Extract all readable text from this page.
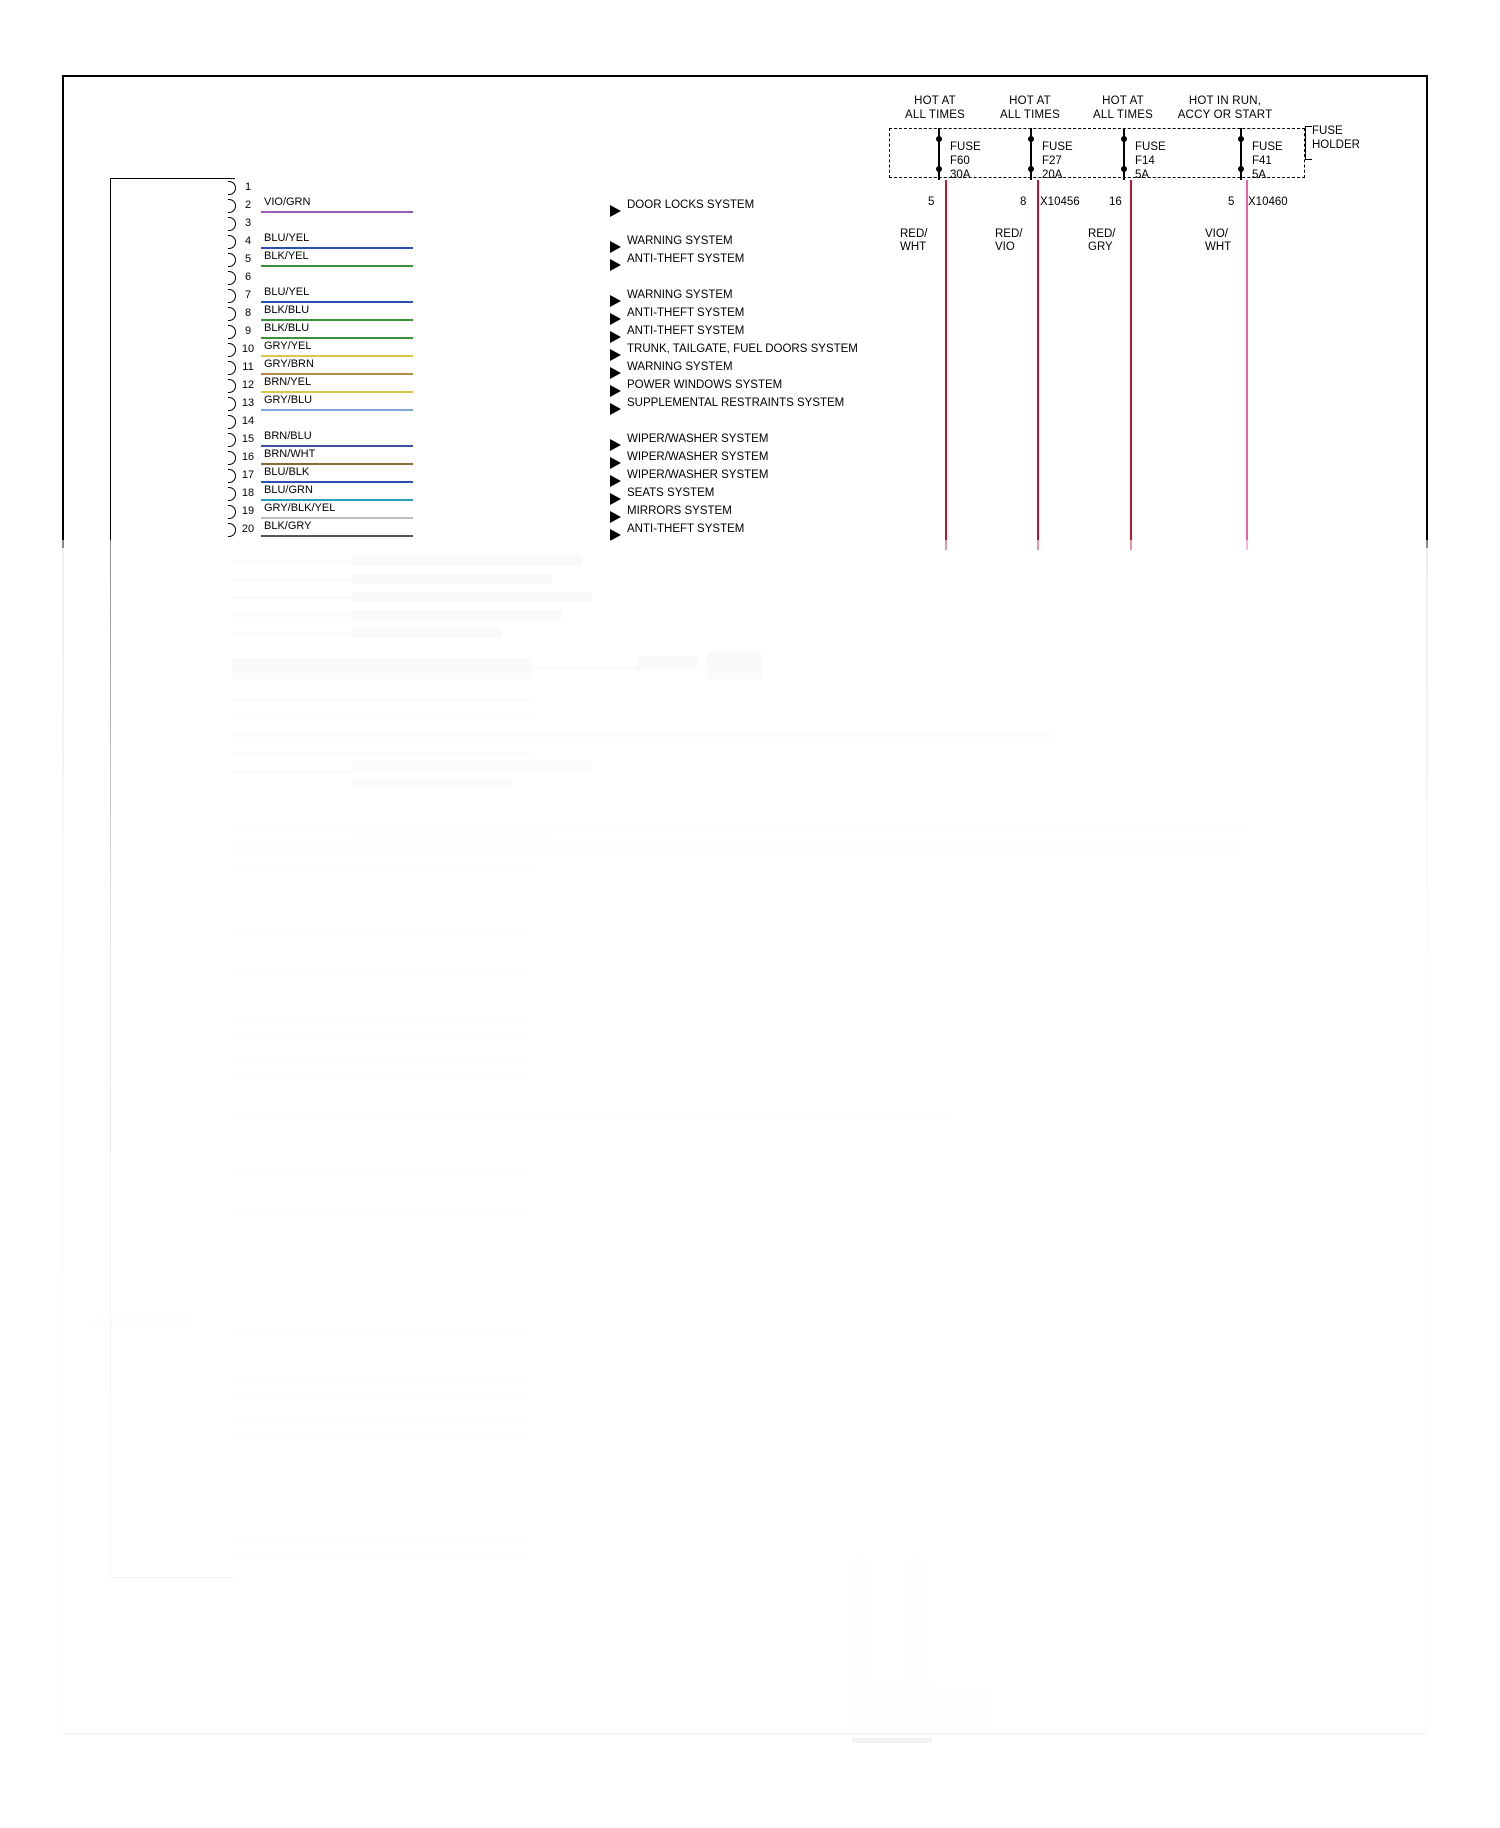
HOT AT
ALL TIMES
HOT AT
ALL TIMES
HOT AT
ALL TIMES
HOT IN RUN,
ACCY OR START
FUSE
HOLDER
FUSE
F60
30A
FUSE
F27
20A
FUSE
F14
5A
FUSE
F41
5A
5	8 X10456	16	5 X10460
RED/
WHT
RED/
VIO
RED/
GRY
VIO/
WHT
1
2	VIO/GRN	DOOR LOCKS SYSTEM
3
4	BLU/YEL	WARNING SYSTEM
5	BLK/YEL	ANTI-THEFT SYSTEM
6
7	BLU/YEL	WARNING SYSTEM
8	BLK/BLU	ANTI-THEFT SYSTEM
9	BLK/BLU	ANTI-THEFT SYSTEM
10 GRY/YEL	TRUNK, TAILGATE, FUEL DOORS SYSTEM
11 GRY/BRN	WARNING SYSTEM
12 BRN/YEL	POWER WINDOWS SYSTEM
13 GRY/BLU	SUPPLEMENTAL RESTRAINTS SYSTEM
14
15 BRN/BLU	WIPER/WASHER SYSTEM
16 BRN/WHT	WIPER/WASHER SYSTEM
17 BLU/BLK	WIPER/WASHER SYSTEM
18 BLU/GRN	SEATS SYSTEM
19 GRY/BLK/YEL	MIRRORS SYSTEM
20 BLK/GRY	ANTI-THEFT SYSTEM
